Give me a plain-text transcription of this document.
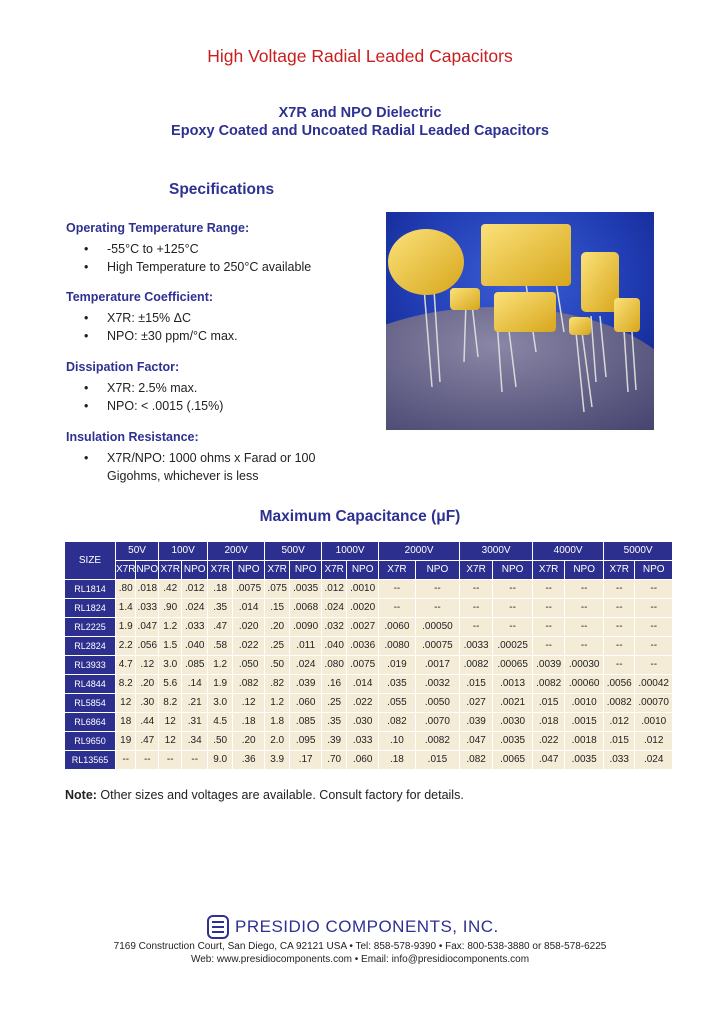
High Voltage Radial Leaded Capacitors
X7R and NPO Dielectric
Epoxy Coated and Uncoated Radial Leaded Capacitors
Specifications
Operating Temperature Range:
• -55°C to +125°C
• High Temperature to 250°C available
Temperature Coefficient:
• X7R: ±15% ΔC
• NPO: ±30 ppm/°C max.
Dissipation Factor:
• X7R: 2.5% max.
• NPO: < .0015 (.15%)
Insulation Resistance:
• X7R/NPO: 1000 ohms x Farad or 100 Gigohms, whichever is less
Maximum Capacitance (μF)
SIZE	50V		100V		200V		500V		1000V		2000V		3000V		4000V		5000V	
	X7R	NPO	X7R	NPO	X7R	NPO	X7R	NPO	X7R	NPO	X7R	NPO	X7R	NPO	X7R	NPO	X7R	NPO
RL1814	.80	.018	.42	.012	.18	.0075	.075	.0035	.012	.0010	--	--	--	--	--	--	--	--
RL1824	1.4	.033	.90	.024	.35	.014	.15	.0068	.024	.0020	--	--	--	--	--	--	--	--
RL2225	1.9	.047	1.2	.033	.47	.020	.20	.0090	.032	.0027	.0060	.00050	--	--	--	--	--	--
RL2824	2.2	.056	1.5	.040	.58	.022	.25	.011	.040	.0036	.0080	.00075	.0033	.00025	--	--	--	--
RL3933	4.7	.12	3.0	.085	1.2	.050	.50	.024	.080	.0075	.019	.0017	.0082	.00065	.0039	.00030	--	--
RL4844	8.2	.20	5.6	.14	1.9	.082	.82	.039	.16	.014	.035	.0032	.015	.0013	.0082	.00060	.0056	.00042
RL5854	12	.30	8.2	.21	3.0	.12	1.2	.060	.25	.022	.055	.0050	.027	.0021	.015	.0010	.0082	.00070
RL6864	18	.44	12	.31	4.5	.18	1.8	.085	.35	.030	.082	.0070	.039	.0030	.018	.0015	.012	.0010
RL9650	19	.47	12	.34	.50	.20	2.0	.095	.39	.033	.10	.0082	.047	.0035	.022	.0018	.015	.012
RL13565	--	--	--	--	9.0	.36	3.9	.17	.70	.060	.18	.015	.082	.0065	.047	.0035	.033	.024
Note: Other sizes and voltages are available. Consult factory for details.
PRESIDIO COMPONENTS, INC.
7169 Construction Court, San Diego, CA 92121 USA • Tel: 858-578-9390 • Fax: 800-538-3880 or 858-578-6225
Web: www.presidiocomponents.com • Email: info@presidiocomponents.com
